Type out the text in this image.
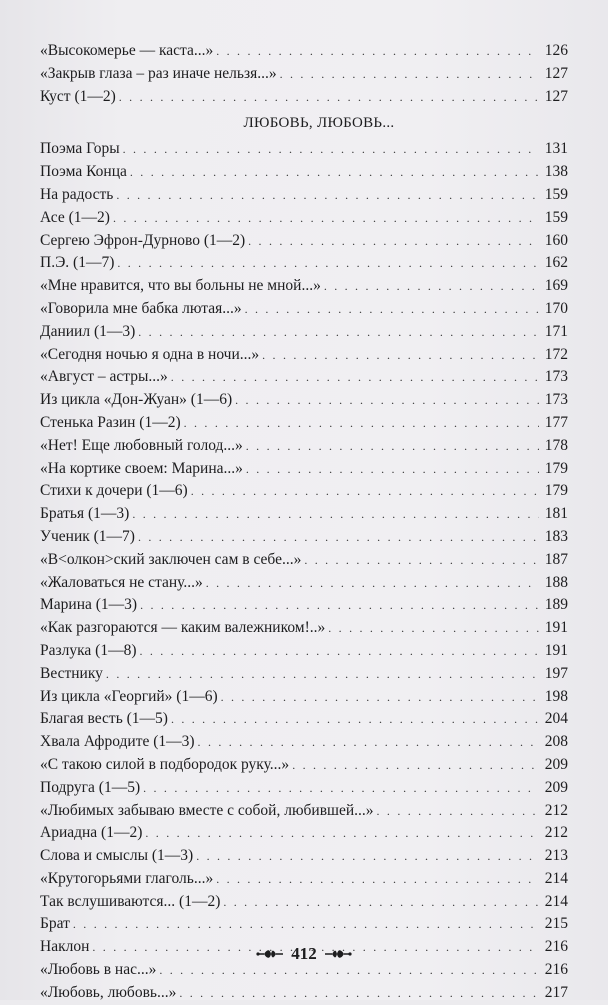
«Высокомерье — каста...» . . .	126
«Закрыв глаза – раз иначе нельзя...» . . .	127
Куст (1—2) . . .	127
ЛЮБОВЬ, ЛЮБОВЬ...
Поэма Горы . . .	131
Поэма Конца . . .	138
На радость . . .	159
Асе (1—2) . . .	159
Сергею Эфрон-Дурново (1—2) . . .	160
П.Э. (1—7) . . .	162
«Мне нравится, что вы больны не мной...» . . .	169
«Говорила мне бабка лютая...» . . .	170
Даниил (1—3) . . .	171
«Сегодня ночью я одна в ночи...» . . .	172
«Август – астры...» . . .	173
Из цикла «Дон-Жуан» (1—6) . . .	173
Стенька Разин (1—2) . . .	177
«Нет! Еще любовный голод...» . . .	178
«На кортике своем: Марина...» . . .	179
Стихи к дочери (1—6) . . .	179
Братья (1—3) . . .	181
Ученик (1—7) . . .	183
«В<олкон>ский заключен сам в себе...» . . .	187
«Жаловаться не стану...» . . .	188
Марина (1—3) . . .	189
«Как разгораются — каким валежником!..» . . .	191
Разлука (1—8) . . .	191
Вестнику . . .	197
Из цикла «Георгий» (1—6) . . .	198
Благая весть (1—5) . . .	204
Хвала Афродите (1—3) . . .	208
«С такою силой в подбородок руку...» . . .	209
Подруга (1—5) . . .	209
«Любимых забываю вместе с собой, любившей...» . . .	212
Ариадна (1—2) . . .	212
Слова и смыслы (1—3) . . .	213
«Крутогорьями глаголь...» . . .	214
Так вслушиваются... (1—2) . . .	214
Брат . . .	215
Наклон . . .	216
«Любовь в нас...» . . .	216
«Любовь, любовь...» . . .	217
412
